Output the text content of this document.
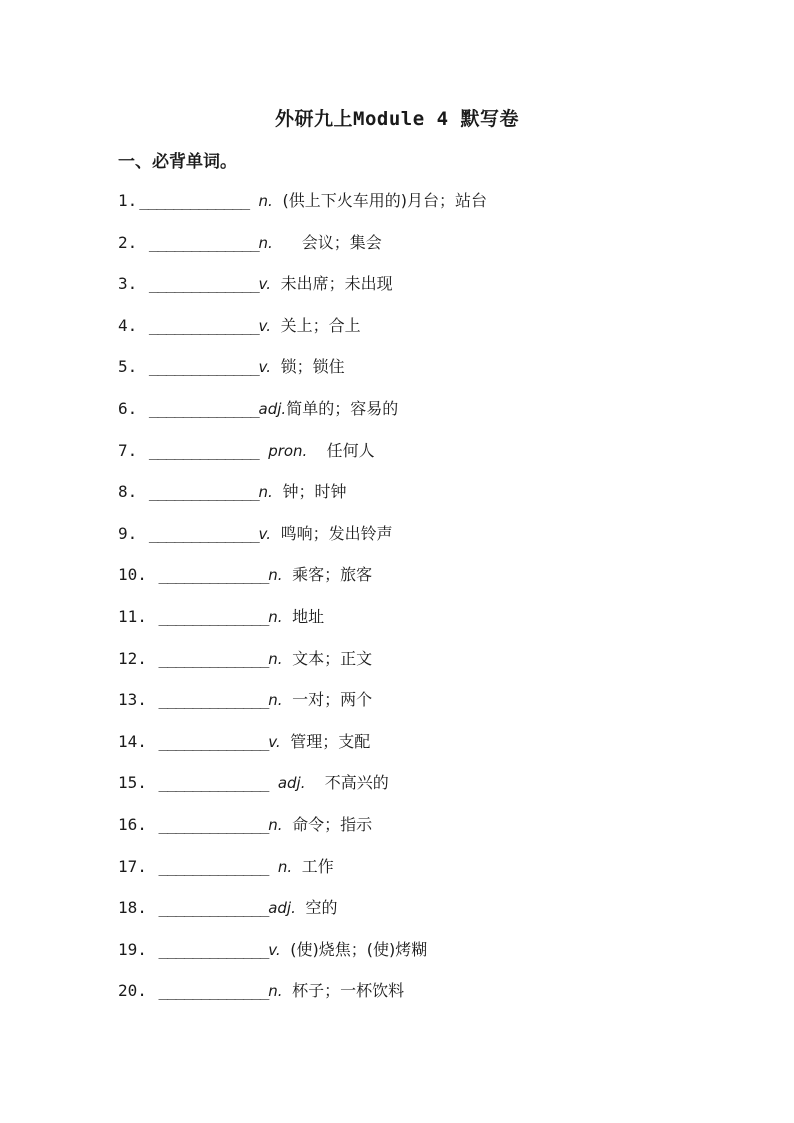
外研九上Module 4 默写卷
一、必背单词。
1. _____________ n. (供上下火车用的)月台；站台
2. _____________n. 会议；集会
3. _____________v. 未出席；未出现
4. _____________v. 关上；合上
5. _____________v. 锁；锁住
6. _____________adj.简单的；容易的
7. _____________ pron. 任何人
8. _____________n. 钟；时钟
9. _____________v. 鸣响；发出铃声
10. _____________n. 乘客；旅客
11. _____________n. 地址
12. _____________n. 文本；正文
13. _____________n. 一对；两个
14. _____________v. 管理；支配
15. _____________ adj. 不高兴的
16. _____________n. 命令；指示
17. _____________ n. 工作
18. _____________adj. 空的
19. _____________v. (使)烧焦；(使)烤糊
20. _____________n. 杯子；一杯饮料
